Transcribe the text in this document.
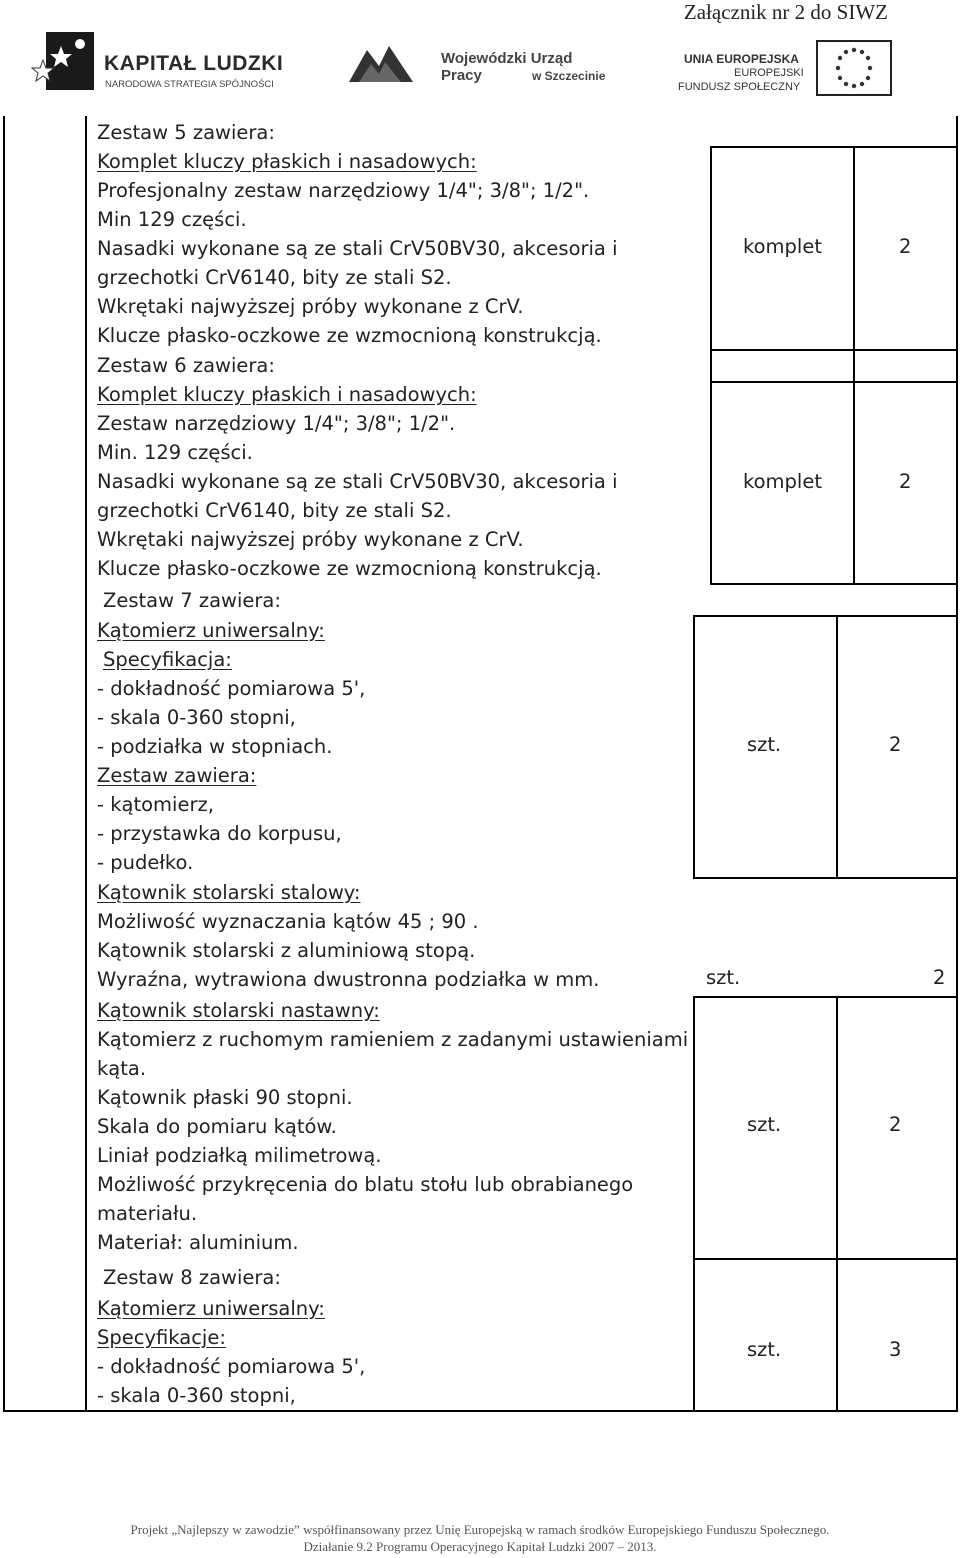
Załącznik nr 2 do SIWZ
KAPITAŁ LUDZKI
NARODOWA STRATEGIA SPÓJNOŚCI
Wojewódzki Urząd Pracy	w Szczecinie
UNIA EUROPEJSKA
EUROPEJSKI
FUNDUSZ SPOŁECZNY
Zestaw 5 zawiera:
Komplet kluczy płaskich i nasadowych:
Profesjonalny zestaw narzędziowy 1/4"; 3/8"; 1/2".
Min 129 części.
Nasadki wykonane są ze stali CrV50BV30, akcesoria i
grzechotki CrV6140, bity ze stali S2.
Wkrętaki najwyższej próby wykonane z CrV.
Klucze płasko-oczkowe ze wzmocnioną konstrukcją.
komplet	2
Zestaw 6 zawiera:
Komplet kluczy płaskich i nasadowych:
Zestaw narzędziowy 1/4"; 3/8"; 1/2".
Min. 129 części.
Nasadki wykonane są ze stali CrV50BV30, akcesoria i
grzechotki CrV6140, bity ze stali S2.
Wkrętaki najwyższej próby wykonane z CrV.
Klucze płasko-oczkowe ze wzmocnioną konstrukcją.
komplet	2
Zestaw 7 zawiera:
Kątomierz uniwersalny:
Specyfikacja:
- dokładność pomiarowa 5',
- skala 0-360 stopni,
- podziałka w stopniach.
Zestaw zawiera:
- kątomierz,
- przystawka do korpusu,
- pudełko.
szt.	2
Kątownik stolarski stalowy:
Możliwość wyznaczania kątów 45 ; 90 .
Kątownik stolarski z aluminiową stopą.
Wyraźna, wytrawiona dwustronna podziałka w mm.	szt.	2
Kątownik stolarski nastawny:
Kątomierz z ruchomym ramieniem z zadanymi ustawieniami
kąta.
Kątownik płaski 90 stopni.
Skala do pomiaru kątów.
Liniał podziałką milimetrową.
Możliwość przykręcenia do blatu stołu lub obrabianego
materiału.
Materiał: aluminium.
szt.	2
Zestaw 8 zawiera:
Kątomierz uniwersalny:
Specyfikacje:
- dokładność pomiarowa 5',
- skala 0-360 stopni,
szt.	3
Projekt „Najlepszy w zawodzie” współfinansowany przez Unię Europejską w ramach środków Europejskiego Funduszu Społecznego.
Działanie 9.2 Programu Operacyjnego Kapitał Ludzki 2007 – 2013.
